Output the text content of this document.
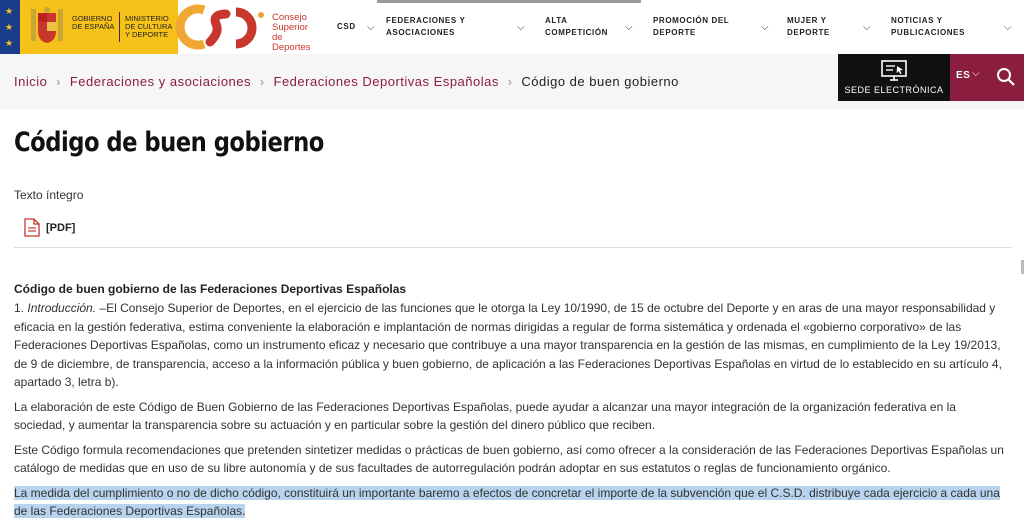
★
★
★
GOBIERNO DE ESPAÑA
MINISTERIO DE CULTURA Y DEPORTE
Consejo
Superior
de Deportes
CSD ⌵
FEDERACIONES Y ASOCIACIONES	⌵
ALTA COMPETICIÓN	⌵
PROMOCIÓN DEL DEPORTE	⌵
MUJER Y DEPORTE	⌵
NOTICIAS Y PUBLICACIONES	⌵
Inicio › Federaciones y asociaciones › Federaciones Deportivas Españolas › Código de buen gobierno
SEDE ELECTRÓNICA
ES ⌵
Código de buen gobierno
Texto íntegro
[PDF]
Código de buen gobierno de las Federaciones Deportivas Españolas

1. Introducción. –El Consejo Superior de Deportes, en el ejercicio de las funciones que le otorga la Ley 10/1990, de 15 de octubre del Deporte y en aras de una mayor responsabilidad y eficacia en la gestión federativa, estima conveniente la elaboración e implantación de normas dirigidas a regular de forma sistemática y ordenada el «gobierno corporativo» de las Federaciones Deportivas Españolas, como un instrumento eficaz y necesario que contribuye a una mayor transparencia en la gestión de las mismas, en cumplimiento de la Ley 19/2013, de 9 de diciembre, de transparencia, acceso a la información pública y buen gobierno, de aplicación a las Federaciones Deportivas Españolas en virtud de lo establecido en su artículo 4, apartado 3, letra b).

La elaboración de este Código de Buen Gobierno de las Federaciones Deportivas Españolas, puede ayudar a alcanzar una mayor integración de la organización federativa en la sociedad, y aumentar la transparencia sobre su actuación y en particular sobre la gestión del dinero público que reciben.

Este Código formula recomendaciones que pretenden sintetizer medidas o prácticas de buen gobierno, así como ofrecer a la consideración de las Federaciones Deportivas Españolas un catálogo de medidas que en uso de su libre autonomía y de sus facultades de autorregulación podrán adoptar en sus estatutos o reglas de funcionamiento orgánico.

La medida del cumplimiento o no de dicho código, constituirá un importante baremo a efectos de concretar el importe de la subvención que el C.S.D. distribuye cada ejercicio a cada una de las Federaciones Deportivas Españolas.
